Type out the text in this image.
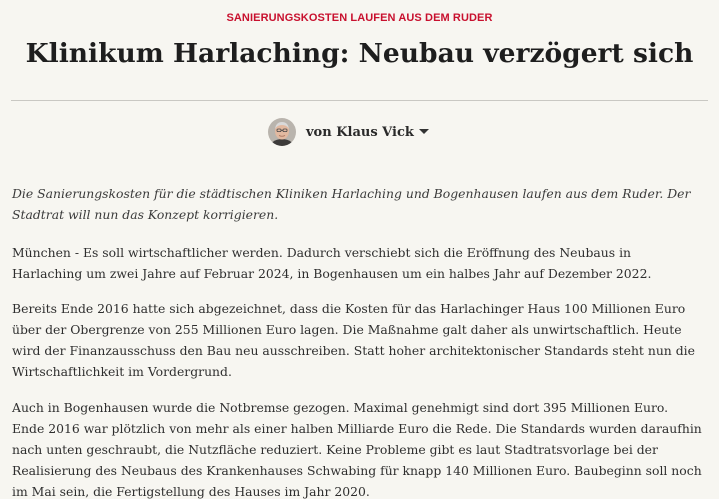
SANIERUNGSKOSTEN LAUFEN AUS DEM RUDER
Klinikum Harlaching: Neubau verzögert sich
von Klaus Vick

Die Sanierungskosten für die städtischen Kliniken Harlaching und Bogenhausen laufen aus dem Ruder. Der
Stadtrat will nun das Konzept korrigieren.

München - Es soll wirtschaftlicher werden. Dadurch verschiebt sich die Eröffnung des Neubaus in
Harlaching um zwei Jahre auf Februar 2024, in Bogenhausen um ein halbes Jahr auf Dezember 2022.

Bereits Ende 2016 hatte sich abgezeichnet, dass die Kosten für das Harlachinger Haus 100 Millionen Euro
über der Obergrenze von 255 Millionen Euro lagen. Die Maßnahme galt daher als unwirtschaftlich. Heute
wird der Finanzausschuss den Bau neu ausschreiben. Statt hoher architektonischer Standards steht nun die
Wirtschaftlichkeit im Vordergrund.

Auch in Bogenhausen wurde die Notbremse gezogen. Maximal genehmigt sind dort 395 Millionen Euro.
Ende 2016 war plötzlich von mehr als einer halben Milliarde Euro die Rede. Die Standards wurden daraufhin
nach unten geschraubt, die Nutzfläche reduziert. Keine Probleme gibt es laut Stadtratsvorlage bei der
Realisierung des Neubaus des Krankenhauses Schwabing für knapp 140 Millionen Euro. Baubeginn soll noch
im Mai sein, die Fertigstellung des Hauses im Jahr 2020.
